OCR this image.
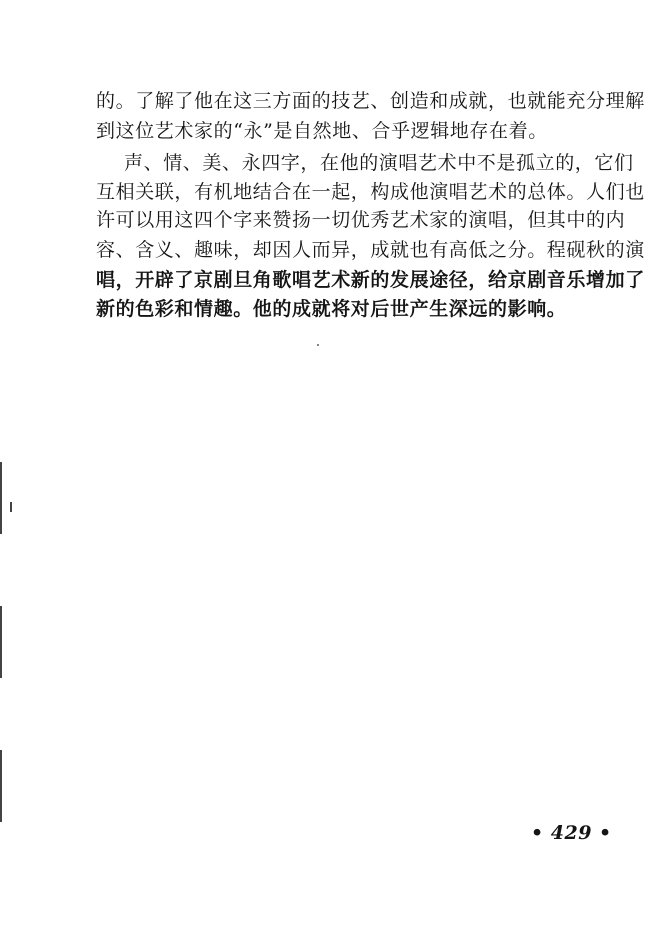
的。了解了他在这三方面的技艺、创造和成就，也就能充分理解
到这位艺术家的“永”是自然地、合乎逻辑地存在着。
声、情、美、永四字，在他的演唱艺术中不是孤立的，它们
互相关联，有机地结合在一起，构成他演唱艺术的总体。人们也
许可以用这四个字来赞扬一切优秀艺术家的演唱，但其中的内
容、含义、趣味，却因人而异，成就也有高低之分。程砚秋的演
唱，开辟了京剧旦角歌唱艺术新的发展途径，给京剧音乐增加了
新的色彩和情趣。他的成就将对后世产生深远的影响。
• 429 •
